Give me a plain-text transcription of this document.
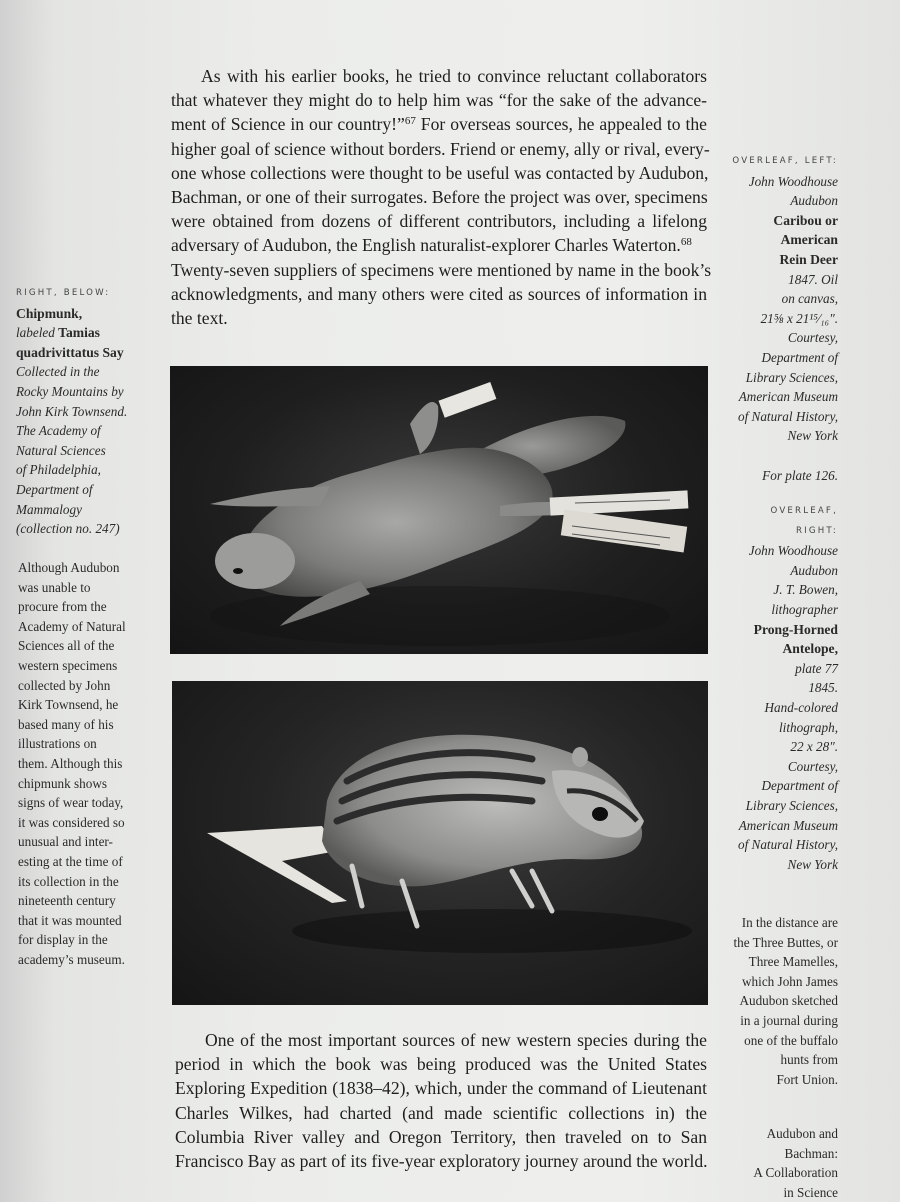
RIGHT, BELOW:
Chipmunk,
labeled Tamias
quadrivittatus Say
Collected in the
Rocky Mountains by
John Kirk Townsend.
The Academy of
Natural Sciences
of Philadelphia,
Department of
Mammalogy
(collection no. 247)
Although Audubon
was unable to
procure from the
Academy of Natural
Sciences all of the
western specimens
collected by John
Kirk Townsend, he
based many of his
illustrations on
them. Although this
chipmunk shows
signs of wear today,
it was considered so
unusual and inter-
esting at the time of
its collection in the
nineteenth century
that it was mounted
for display in the
academy’s museum.
As with his earlier books, he tried to convince reluctant collaborators
that whatever they might do to help him was “for the sake of the advance-
ment of Science in our country!”$^{67}$ For overseas sources, he appealed to the
higher goal of science without borders. Friend or enemy, ally or rival, every-
one whose collections were thought to be useful was contacted by Audubon,
Bachman, or one of their surrogates. Before the project was over, specimens
were obtained from dozens of different contributors, including a lifelong
adversary of Audubon, the English naturalist-explorer Charles Waterton.$^{68}$
Twenty-seven suppliers of specimens were mentioned by name in the book’s
acknowledgments, and many others were cited as sources of information in
the text.
One of the most important sources of new western species during the
period in which the book was being produced was the United States
Exploring Expedition (1838–42), which, under the command of Lieutenant
Charles Wilkes, had charted (and made scientific collections in) the
Columbia River valley and Oregon Territory, then traveled on to San
Francisco Bay as part of its five-year exploratory journey around the world.
OVERLEAF, LEFT:
John Woodhouse
Audubon
Caribou or
American
Rein Deer
1847. Oil
on canvas,
21⅝ x 21¹⁵⁄₁₆″.
Courtesy,
Department of
Library Sciences,
American Museum
of Natural History,
New York

For plate 126.
OVERLEAF,
RIGHT:
John Woodhouse
Audubon
J. T. Bowen,
lithographer
Prong-Horned
Antelope,
plate 77
1845.
Hand-colored
lithograph,
22 x 28″.
Courtesy,
Department of
Library Sciences,
American Museum
of Natural History,
New York
In the distance are
the Three Buttes, or
Three Mamelles,
which John James
Audubon sketched
in a journal during
one of the buffalo
hunts from
Fort Union.
Audubon and
Bachman:
A Collaboration
in Science
